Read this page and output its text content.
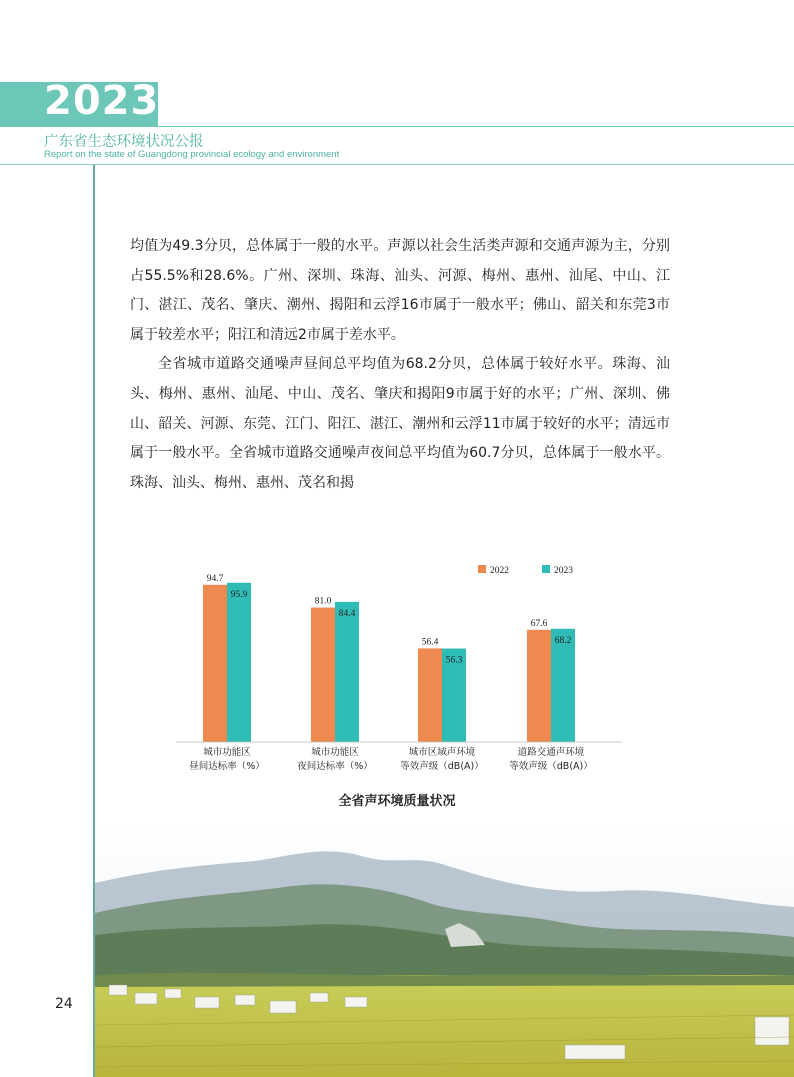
2023
广东省生态环境状况公报
Report on the state of Guangdong provincial ecology and environment

均值为49.3分贝，总体属于一般的水平。声源以社会生活类声源和交通声源为主，分别占55.5%和28.6%。广州、深圳、珠海、汕头、河源、梅州、惠州、汕尾、中山、江门、湛江、茂名、肇庆、潮州、揭阳和云浮16市属于一般水平；佛山、韶关和东莞3市属于较差水平；阳江和清远2市属于差水平。

全省城市道路交通噪声昼间总平均值为68.2分贝，总体属于较好水平。珠海、汕头、梅州、惠州、汕尾、中山、茂名、肇庆和揭阳9市属于好的水平；广州、深圳、佛山、韶关、河源、东莞、江门、阳江、湛江、潮州和云浮11市属于较好的水平；清远市属于一般水平。全省城市道路交通噪声夜间总平均值为60.7分贝，总体属于一般水平。珠海、汕头、梅州、惠州、茂名和揭

94.7
81.0
56.4
67.6
95.9
84.4
56.3
68.2
城市功能区
昼间达标率（%）
城市功能区
夜间达标率（%）
城市区域声环境
等效声级（dB(A)）
道路交通声环境
等效声级（dB(A)）
2022	2023
全省声环境质量状况
24
